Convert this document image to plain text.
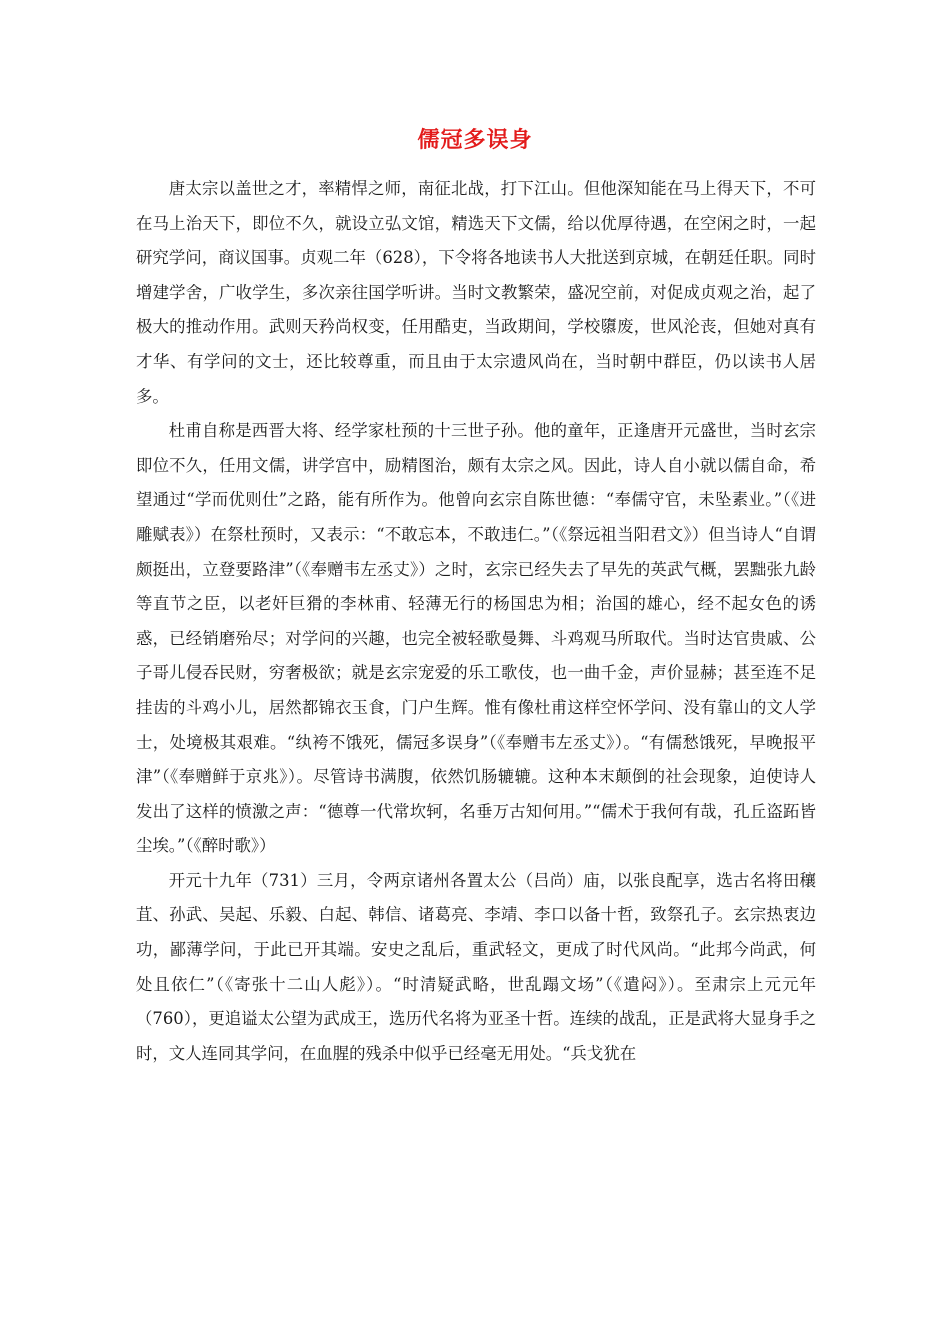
儒冠多误身

唐太宗以盖世之才，率精悍之师，南征北战，打下江山。但他深知能在马上得天下，不可在马上治天下，即位不久，就设立弘文馆，精选天下文儒，给以优厚待遇，在空闲之时，一起研究学问，商议国事。贞观二年（628），下令将各地读书人大批送到京城，在朝廷任职。同时增建学舍，广收学生，多次亲往国学听讲。当时文教繁荣，盛况空前，对促成贞观之治，起了极大的推动作用。武则天矜尚权变，任用酷吏，当政期间，学校隳废，世风沦丧，但她对真有才华、有学问的文士，还比较尊重，而且由于太宗遗风尚在，当时朝中群臣，仍以读书人居多。

杜甫自称是西晋大将、经学家杜预的十三世子孙。他的童年，正逢唐开元盛世，当时玄宗即位不久，任用文儒，讲学宫中，励精图治，颇有太宗之风。因此，诗人自小就以儒自命，希望通过“学而优则仕”之路，能有所作为。他曾向玄宗自陈世德：“奉儒守官，未坠素业。”（《进雕赋表》）在祭杜预时，又表示：“不敢忘本，不敢违仁。”（《祭远祖当阳君文》）但当诗人“自谓颇挺出，立登要路津”（《奉赠韦左丞丈》）之时，玄宗已经失去了早先的英武气概，罢黜张九龄等直节之臣，以老奸巨猾的李林甫、轻薄无行的杨国忠为相；治国的雄心，经不起女色的诱惑，已经销磨殆尽；对学问的兴趣，也完全被轻歌曼舞、斗鸡观马所取代。当时达官贵戚、公子哥儿侵吞民财，穷奢极欲；就是玄宗宠爱的乐工歌伎，也一曲千金，声价显赫；甚至连不足挂齿的斗鸡小儿，居然都锦衣玉食，门户生辉。惟有像杜甫这样空怀学问、没有靠山的文人学士，处境极其艰难。“纨袴不饿死，儒冠多误身”（《奉赠韦左丞丈》）。“有儒愁饿死，早晚报平津”（《奉赠鲜于京兆》）。尽管诗书满腹，依然饥肠辘辘。这种本末颠倒的社会现象，迫使诗人发出了这样的愤激之声：“德尊一代常坎轲，名垂万古知何用。”“儒术于我何有哉，孔丘盗跖皆尘埃。”（《醉时歌》）

开元十九年（731）三月，令两京诸州各置太公（吕尚）庙，以张良配享，选古名将田穰苴、孙武、吴起、乐毅、白起、韩信、诸葛亮、李靖、李口以备十哲，致祭孔子。玄宗热衷边功，鄙薄学问，于此已开其端。安史之乱后，重武轻文，更成了时代风尚。“此邦今尚武，何处且依仁”（《寄张十二山人彪》）。“时清疑武略，世乱蹋文场”（《遣闷》）。至肃宗上元元年（760），更追谥太公望为武成王，选历代名将为亚圣十哲。连续的战乱，正是武将大显身手之时，文人连同其学问，在血腥的残杀中似乎已经毫无用处。“兵戈犹在
